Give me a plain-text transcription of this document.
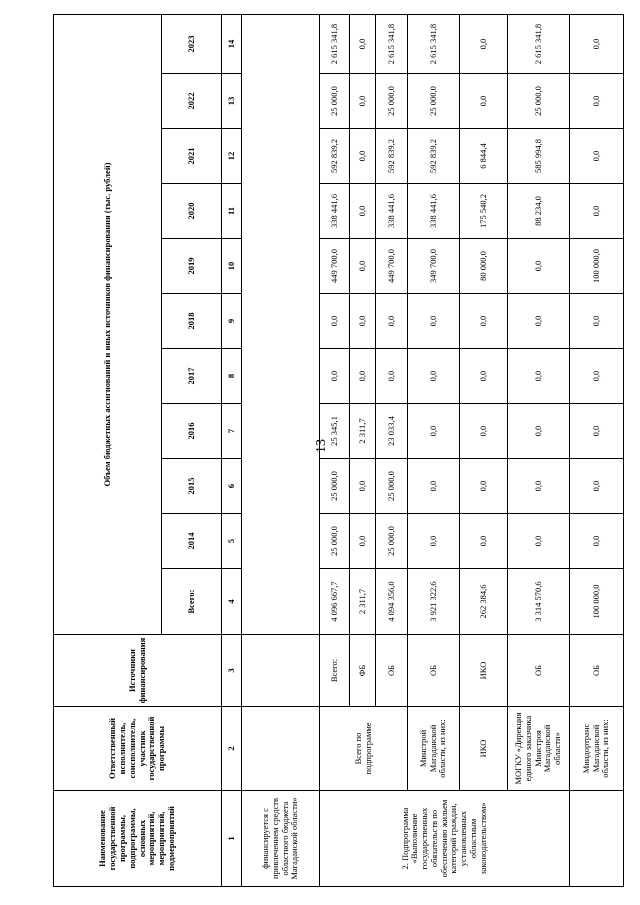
13
Наименование государственной программы, подпрограммы, основных мероприятий, мероприятий, подмероприятий	Ответственный исполнитель, соисполнитель, участник государственной программы	Источники финансирования	Объем бюджетных ассигнований и иных источников финансирования (тыс. рублей)										
			Всего:	2014	2015	2016	2017	2018	2019	2020	2021	2022	2023
1	2	3	4	5	6	7	8	9	10	11	12	13	14
финансируется с привлечением средств областного бюджета Магаданской области»													
2. Подпрограмма «Выполнение государственных обязательств по обеспечению жильем категорий граждан, установленных областным законодательством»	Всего по подпрограмме	Всего:	4 096 667,7	25 000,0	25 000,0	25 345,1	0,0	0,0	449 700,0	338 441,6	592 839,2	25 000,0	2 615 341,8
		ФБ	2 311,7	0,0	0,0	2 311,7	0,0	0,0	0,0	0,0	0,0	0,0	0,0
		ОБ	4 094 356,0	25 000,0	25 000,0	23 033,4	0,0	0,0	449 700,0	338 441,6	592 839,2	25 000,0	2 615 341,8
	Минстрой Магаданской области, из них:	ОБ	3 921 322,6	0,0	0,0	0,0	0,0	0,0	349 700,0	338 441,6	592 839,2	25 000,0	2 615 341,8
	ИКО	ИКО	262 384,6	0,0	0,0	0,0	0,0	0,0	80 000,0	175 540,2	6 844,4	0,0	0,0
	МОГКУ «Дирекция единого заказчика Минстроя Магаданской области»	ОБ	3 314 570,6	0,0	0,0	0,0	0,0	0,0	0,0	88 234,0	585 994,8	25 000,0	2 615 341,8
	Миндортранс Магаданской области, из них:	ОБ	100 000,0	0,0	0,0	0,0	0,0	0,0	100 000,0	0,0	0,0	0,0	0,0
